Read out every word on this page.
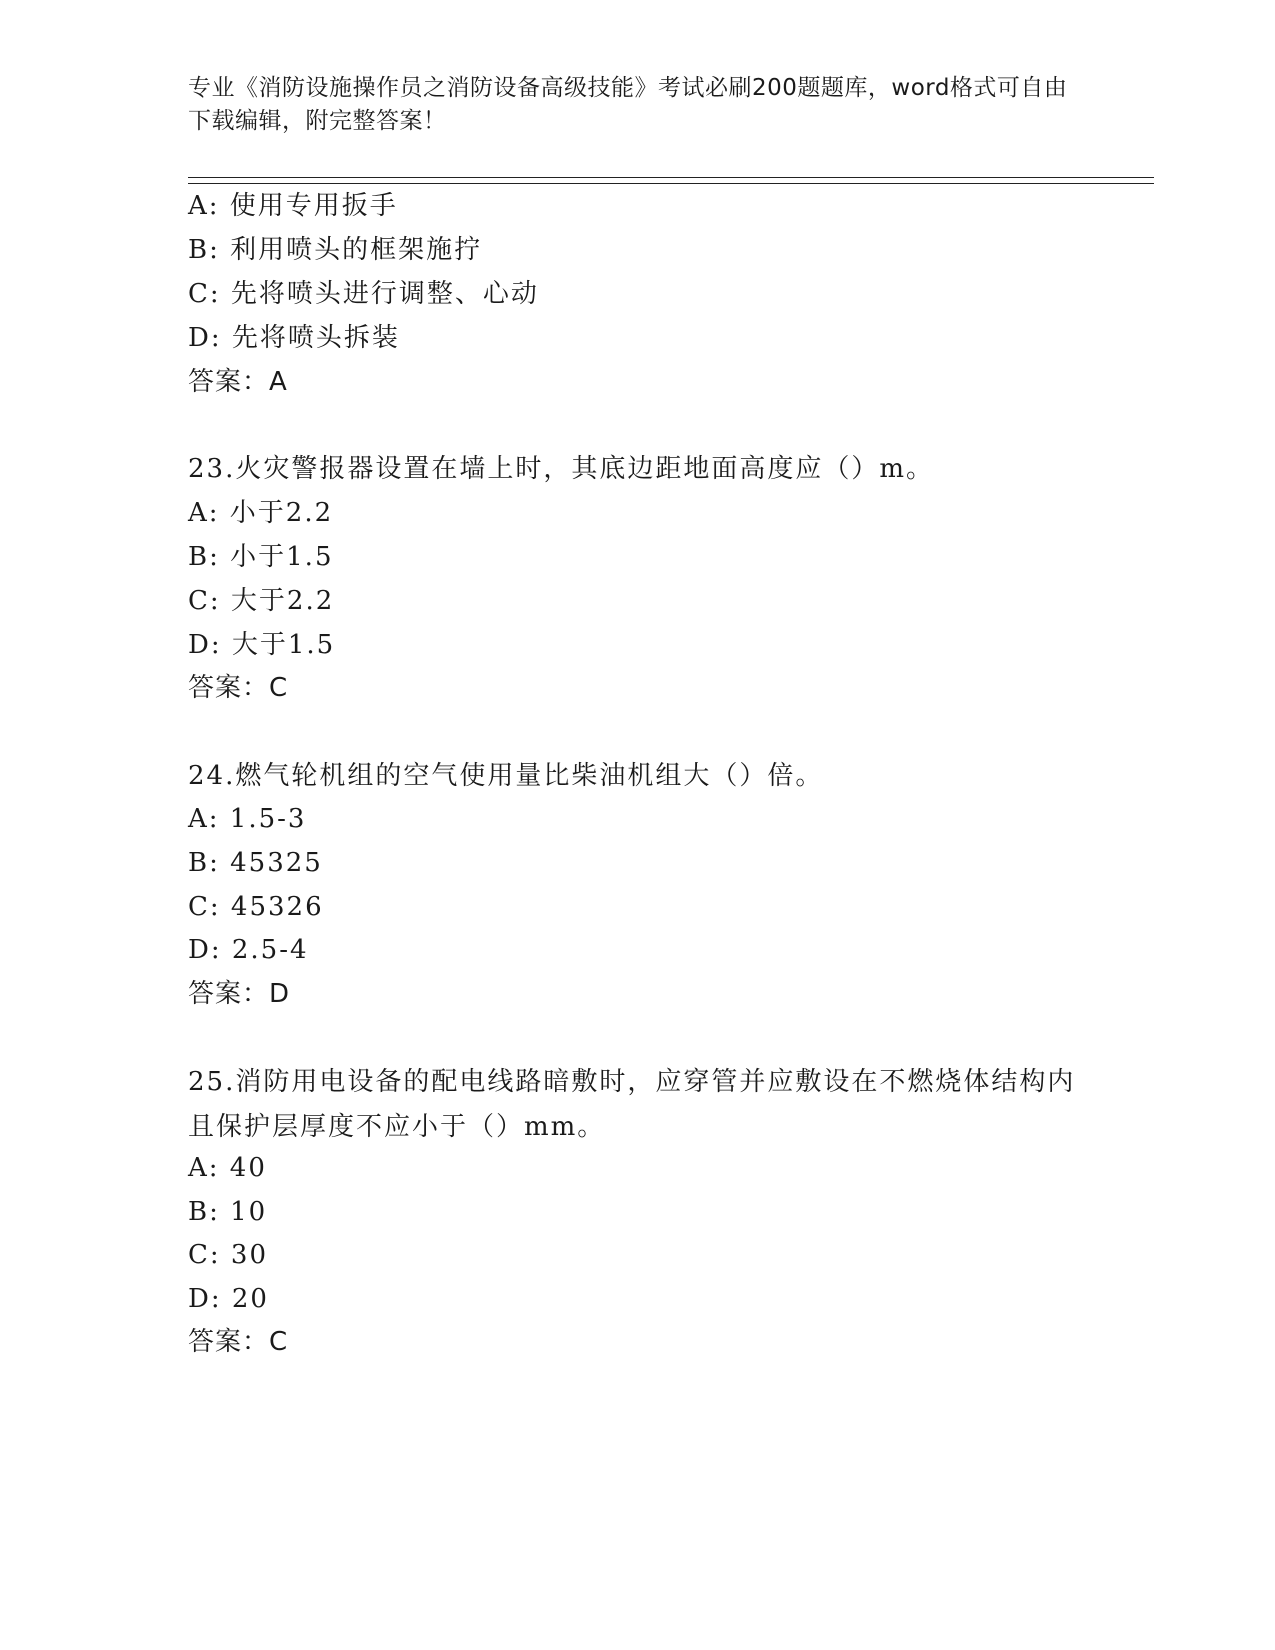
专业《消防设施操作员之消防设备高级技能》考试必刷200题题库，word格式可自由下载编辑，附完整答案！
A: 使用专用扳手
B: 利用喷头的框架施拧
C: 先将喷头进行调整、心动
D: 先将喷头拆装
答案：A
23.火灾警报器设置在墙上时，其底边距地面高度应（）m。
A: 小于2.2
B: 小于1.5
C: 大于2.2
D: 大于1.5
答案：C
24.燃气轮机组的空气使用量比柴油机组大（）倍。
A: 1.5-3
B: 45325
C: 45326
D: 2.5-4
答案：D
25.消防用电设备的配电线路暗敷时，应穿管并应敷设在不燃烧体结构内且保护层厚度不应小于（）mm。
A: 40
B: 10
C: 30
D: 20
答案：C
